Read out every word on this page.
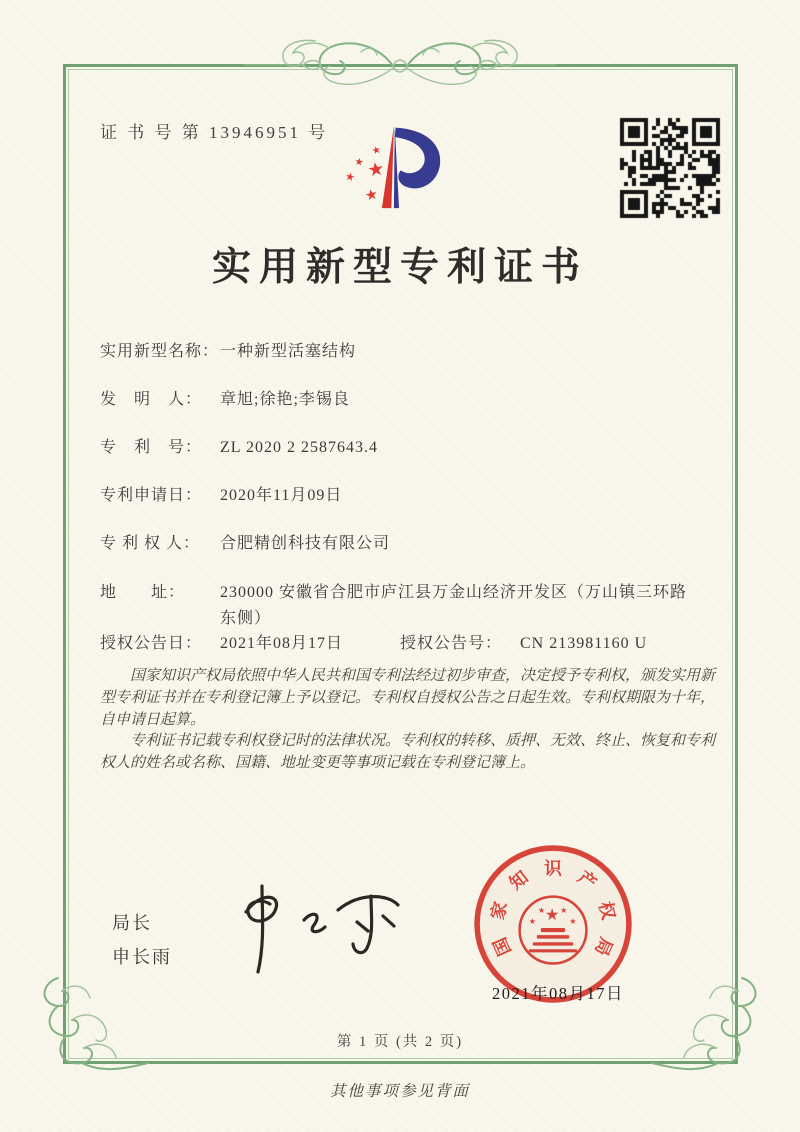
证 书 号 第 13946951 号
★
★ ★
★
★
实用新型专利证书
实用新型名称： 一种新型活塞结构
发　明　人：	章旭;徐艳;李锡良
专　利　号：	ZL 2020 2 2587643.4
专利申请日：	2020年11月09日
专 利 权 人：	合肥精创科技有限公司
地　　址：	230000 安徽省合肥市庐江县万金山经济开发区（万山镇三环路东侧）
授权公告日：	2021年08月17日	授权公告号：	CN 213981160 U

国家知识产权局依照中华人民共和国专利法经过初步审查，决定授予专利权，颁发实用新型专利证书并在专利登记簿上予以登记。专利权自授权公告之日起生效。专利权期限为十年，自申请日起算。

专利证书记载专利权登记时的法律状况。专利权的转移、质押、无效、终止、恢复和专利权人的姓名或名称、国籍、地址变更等事项记载在专利登记簿上。

局长
申长雨	国
家
知 识 产
权
局
★
★
★ ★
★
2021年08月17日
第 1 页 (共 2 页)
其他事项参见背面
